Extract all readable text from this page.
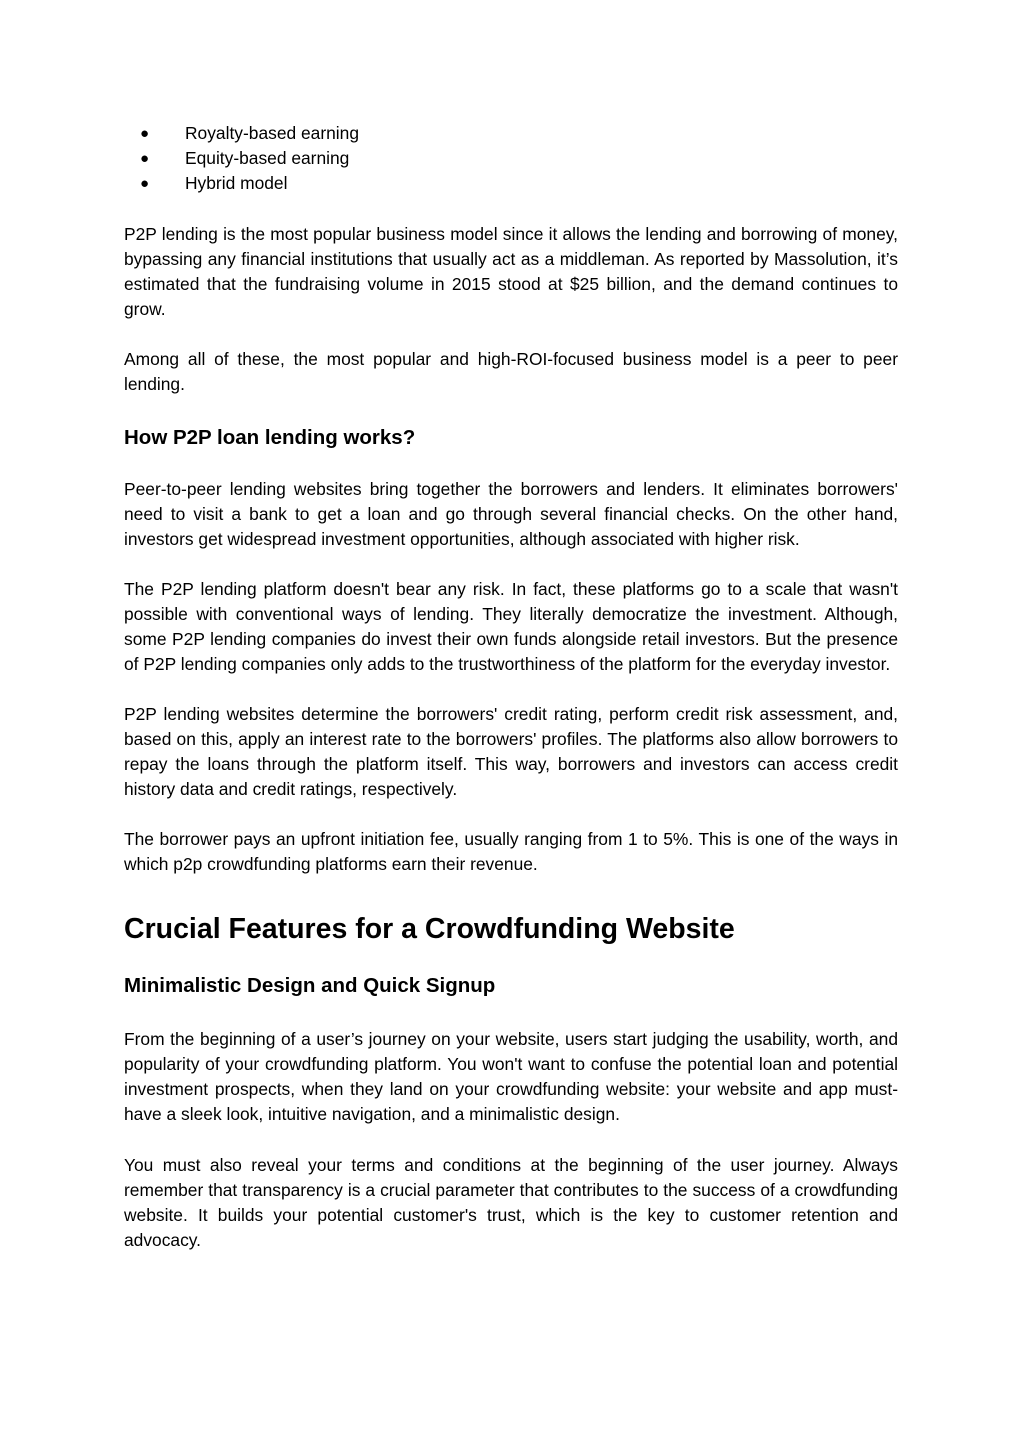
● Royalty-based earning
● Equity-based earning
● Hybrid model

P2P lending is the most popular business model since it allows the lending and borrowing of money, bypassing any financial institutions that usually act as a middleman. As reported by Massolution, it’s estimated that the fundraising volume in 2015 stood at $25 billion, and the demand continues to grow.

Among all of these, the most popular and high-ROI-focused business model is a peer to peer lending.

How P2P loan lending works?

Peer-to-peer lending websites bring together the borrowers and lenders. It eliminates borrowers' need to visit a bank to get a loan and go through several financial checks. On the other hand, investors get widespread investment opportunities, although associated with higher risk.

The P2P lending platform doesn't bear any risk. In fact, these platforms go to a scale that wasn't possible with conventional ways of lending. They literally democratize the investment. Although, some P2P lending companies do invest their own funds alongside retail investors. But the presence of P2P lending companies only adds to the trustworthiness of the platform for the everyday investor.

P2P lending websites determine the borrowers' credit rating, perform credit risk assessment, and, based on this, apply an interest rate to the borrowers' profiles. The platforms also allow borrowers to repay the loans through the platform itself. This way, borrowers and investors can access credit history data and credit ratings, respectively.

The borrower pays an upfront initiation fee, usually ranging from 1 to 5%. This is one of the ways in which p2p crowdfunding platforms earn their revenue.

Crucial Features for a Crowdfunding Website
Minimalistic Design and Quick Signup

From the beginning of a user’s journey on your website, users start judging the usability, worth, and popularity of your crowdfunding platform. You won't want to confuse the potential loan and potential investment prospects, when they land on your crowdfunding website: your website and app must-have a sleek look, intuitive navigation, and a minimalistic design.

You must also reveal your terms and conditions at the beginning of the user journey. Always remember that transparency is a crucial parameter that contributes to the success of a crowdfunding website. It builds your potential customer's trust, which is the key to customer retention and advocacy.
